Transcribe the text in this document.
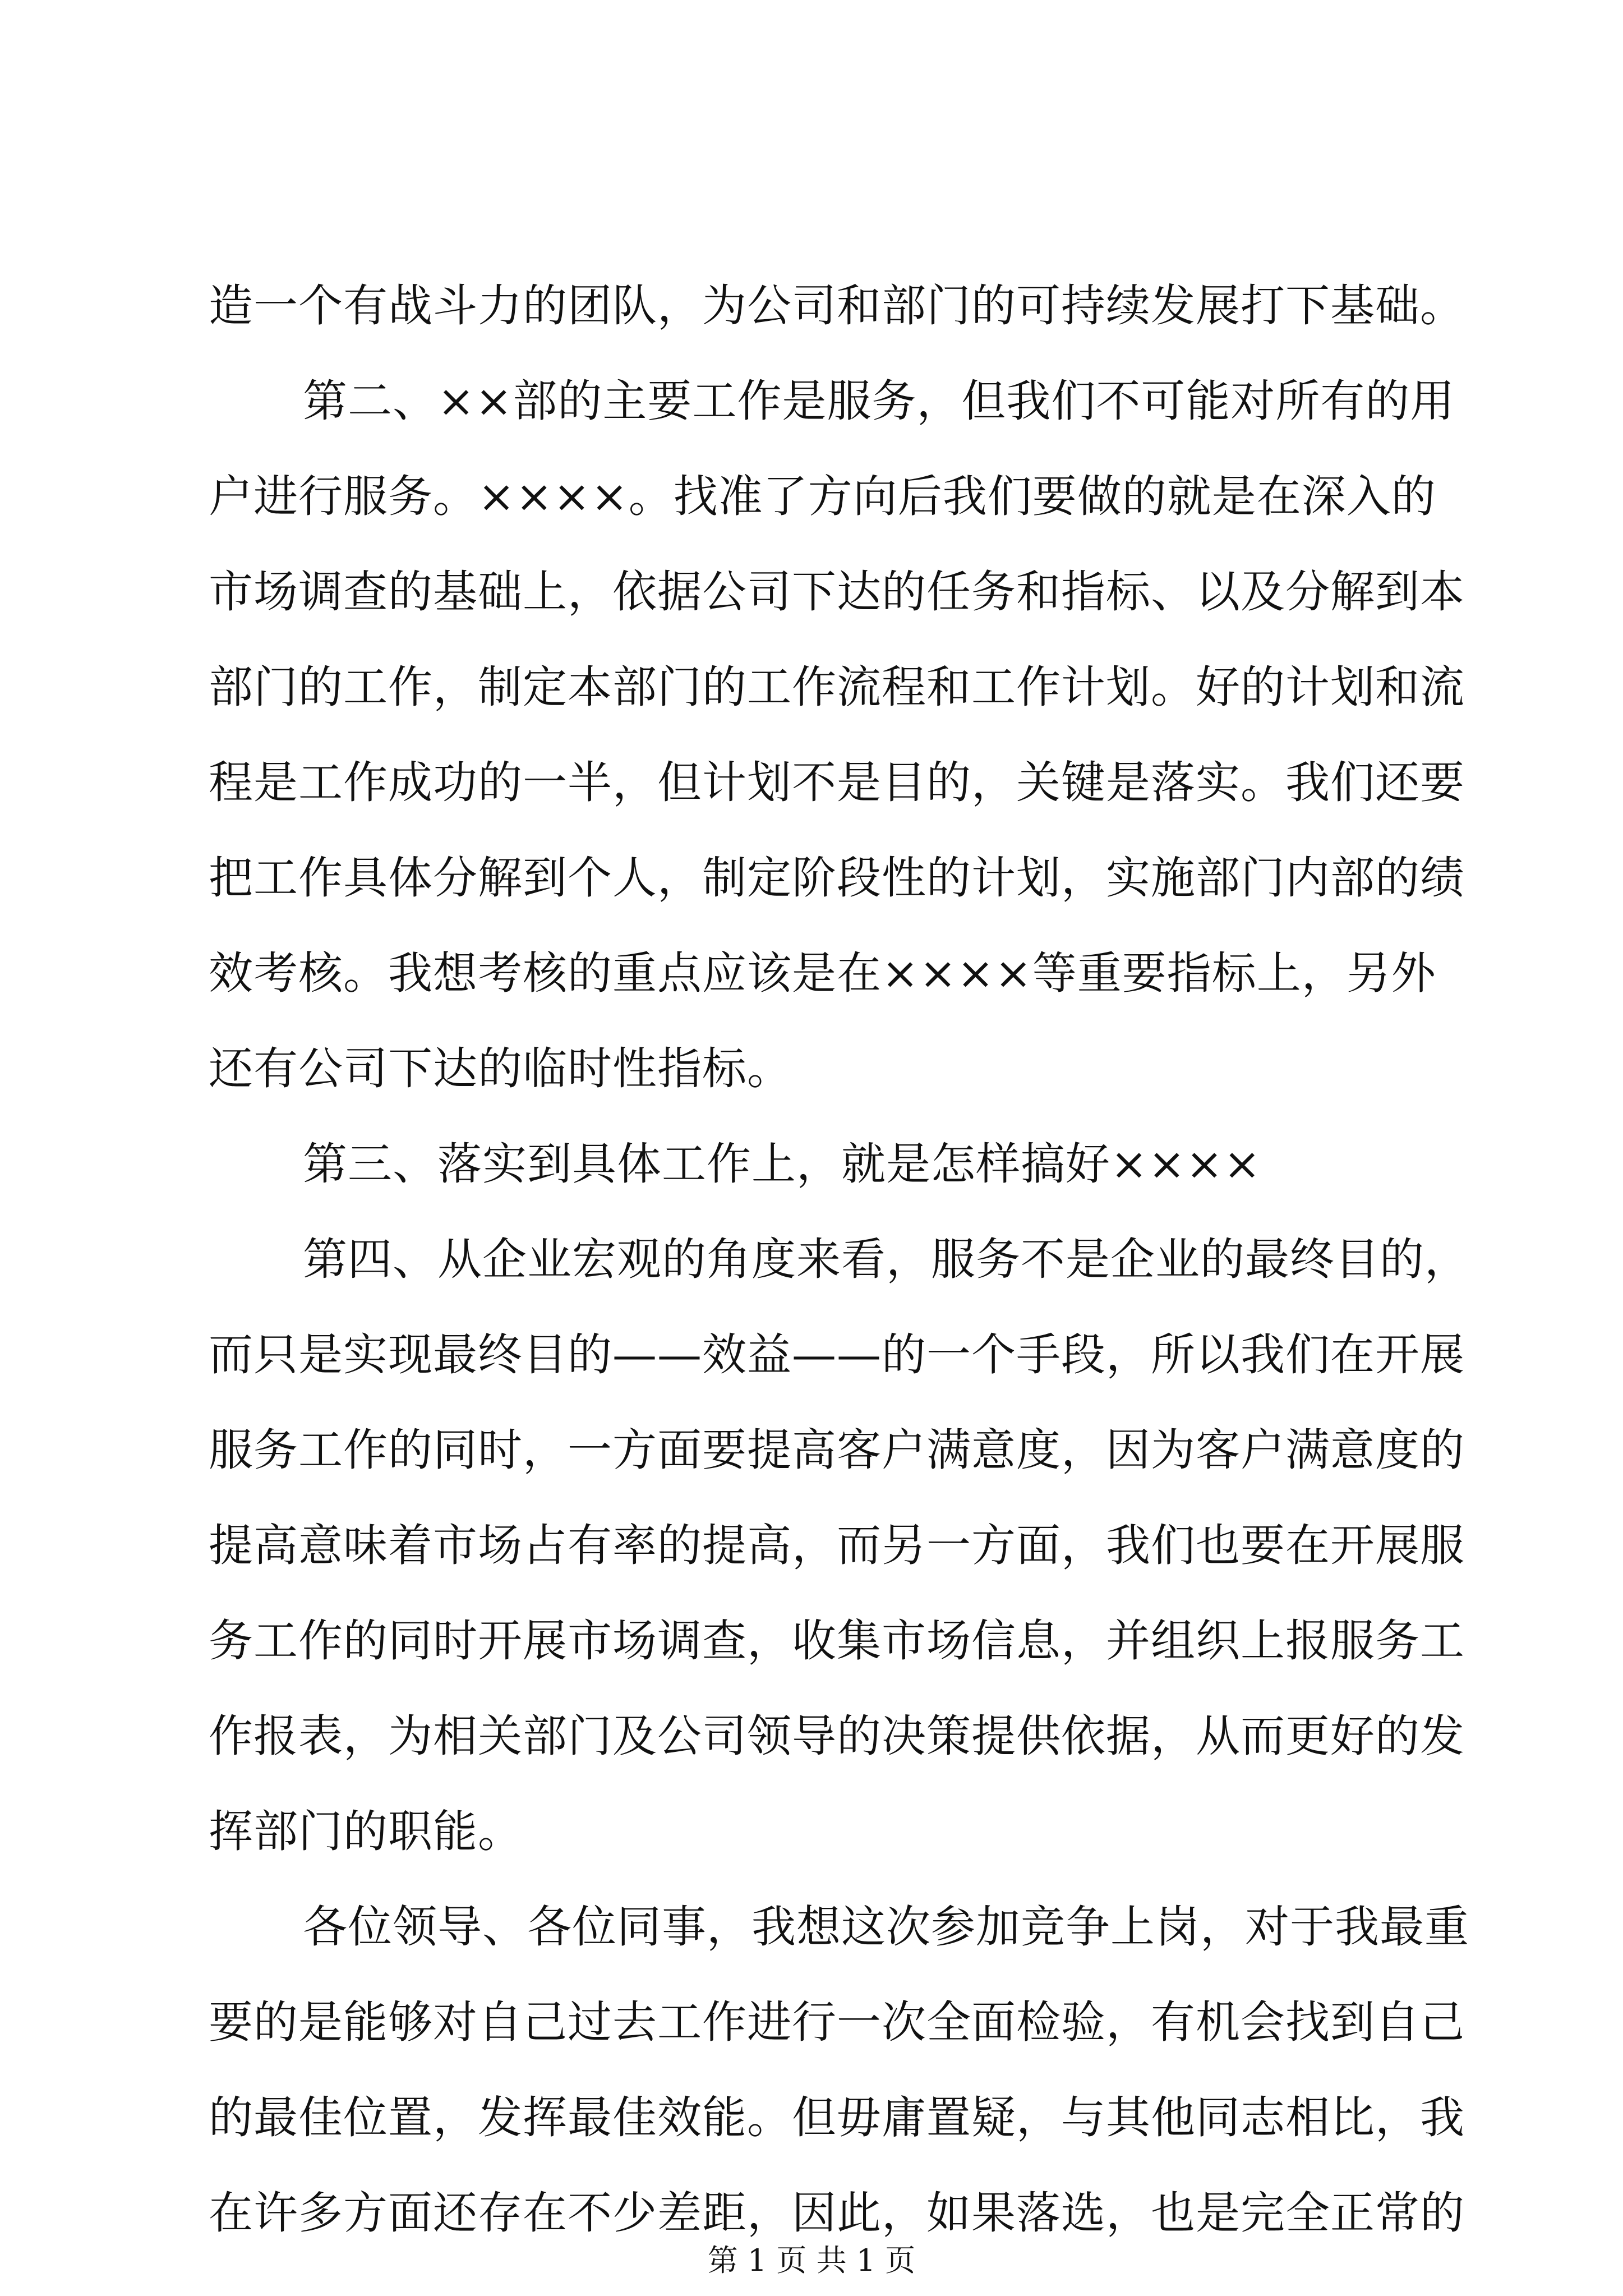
造一个有战斗力的团队，为公司和部门的可持续发展打下基础。
第二、××部的主要工作是服务，但我们不可能对所有的用
户进行服务。××××。找准了方向后我们要做的就是在深入的
市场调查的基础上，依据公司下达的任务和指标、以及分解到本
部门的工作，制定本部门的工作流程和工作计划。好的计划和流
程是工作成功的一半，但计划不是目的，关键是落实。我们还要
把工作具体分解到个人，制定阶段性的计划，实施部门内部的绩
效考核。我想考核的重点应该是在××××等重要指标上，另外
还有公司下达的临时性指标。
第三、落实到具体工作上，就是怎样搞好××××
第四、从企业宏观的角度来看，服务不是企业的最终目的，
而只是实现最终目的——效益——的一个手段，所以我们在开展
服务工作的同时，一方面要提高客户满意度，因为客户满意度的
提高意味着市场占有率的提高，而另一方面，我们也要在开展服
务工作的同时开展市场调查，收集市场信息，并组织上报服务工
作报表，为相关部门及公司领导的决策提供依据，从而更好的发
挥部门的职能。
各位领导、各位同事，我想这次参加竞争上岗，对于我最重
要的是能够对自己过去工作进行一次全面检验，有机会找到自己
的最佳位置，发挥最佳效能。但毋庸置疑，与其他同志相比，我
在许多方面还存在不少差距，因此，如果落选，也是完全正常的
第 1 页 共 1 页
